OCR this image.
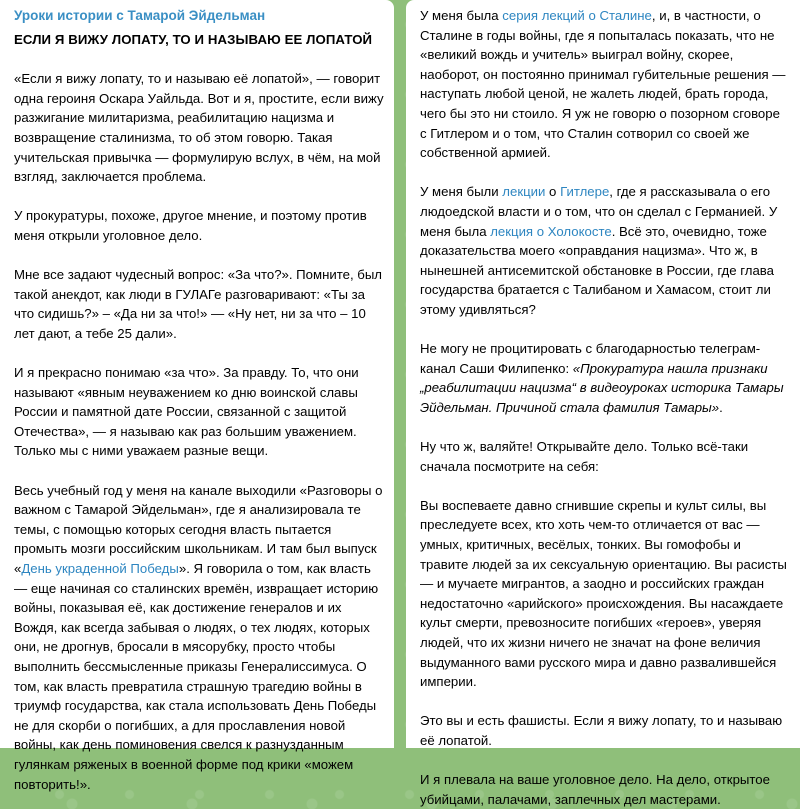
Уроки истории с Тамарой Эйдельман
ЕСЛИ Я ВИЖУ ЛОПАТУ, ТО И НАЗЫВАЮ ЕЕ ЛОПАТОЙ

«Если я вижу лопату, то и называю её лопатой», — говорит одна героиня Оскара Уайльда. Вот и я, простите, если вижу разжигание милитаризма, реабилитацию нацизма и возвращение сталинизма, то об этом говорю. Такая учительская привычка — формулирую вслух, в чём, на мой взгляд, заключается проблема.

У прокуратуры, похоже, другое мнение, и поэтому против меня открыли уголовное дело.

Мне все задают чудесный вопрос: «За что?». Помните, был такой анекдот, как люди в ГУЛАГе разговаривают: «Ты за что сидишь?» – «Да ни за что!» — «Ну нет, ни за что – 10 лет дают, а тебе 25 дали».

И я прекрасно понимаю «за что». За правду. То, что они называют «явным неуважением ко дню воинской славы России и памятной дате России, связанной с защитой Отечества», — я называю как раз большим уважением. Только мы с ними уважаем разные вещи.

Весь учебный год у меня на канале выходили «Разговоры о важном с Тамарой Эйдельман», где я анализировала те темы, с помощью которых сегодня власть пытается промыть мозги российским школьникам. И там был выпуск «День украденной Победы». Я говорила о том, как власть — еще начиная со сталинских времён, извращает историю войны, показывая её, как достижение генералов и их Вождя, как всегда забывая о людях, о тех людях, которых они, не дрогнув, бросали в мясорубку, просто чтобы выполнить бессмысленные приказы Генералиссимуса. О том, как власть превратила страшную трагедию войны в триумф государства, как стала использовать День Победы не для скорби о погибших, а для прославления новой войны, как день поминовения свелся к разнузданным гулянкам ряженых в военной форме под крики «можем повторить!».

У меня была серия лекций о Сталине, и, в частности, о Сталине в годы войны, где я попыталась показать, что не «великий вождь и учитель» выиграл войну, скорее, наоборот, он постоянно принимал губительные решения — наступать любой ценой, не жалеть людей, брать города, чего бы это ни стоило. Я уж не говорю о позорном сговоре с Гитлером и о том, что Сталин сотворил со своей же собственной армией.

У меня были лекции о Гитлере, где я рассказывала о его людоедской власти и о том, что он сделал с Германией. У меня была лекция о Холокосте. Всё это, очевидно, тоже доказательства моего «оправдания нацизма». Что ж, в нынешней антисемитской обстановке в России, где глава государства братается с Талибаном и Хамасом, стоит ли этому удивляться?

Не могу не процитировать с благодарностью телеграм-канал Саши Филипенко: «Прокуратура нашла признаки „реабилитации нацизма“ в видеоуроках историка Тамары Эйдельман. Причиной стала фамилия Тамары».

Ну что ж, валяйте! Открывайте дело. Только всё-таки сначала посмотрите на себя:

Вы воспеваете давно сгнившие скрепы и культ силы, вы преследуете всех, кто хоть чем-то отличается от вас — умных, критичных, весёлых, тонких. Вы гомофобы и травите людей за их сексуальную ориентацию. Вы расисты — и мучаете мигрантов, а заодно и российских граждан недостаточно «арийского» происхождения. Вы насаждаете культ смерти, превозносите погибших «героев», уверяя людей, что их жизни ничего не значат на фоне величия выдуманного вами русского мира и давно развалившейся империи.

Это вы и есть фашисты. Если я вижу лопату, то и называю её лопатой.

И я плевала на ваше уголовное дело. На дело, открытое убийцами, палачами, заплечных дел мастерами.
